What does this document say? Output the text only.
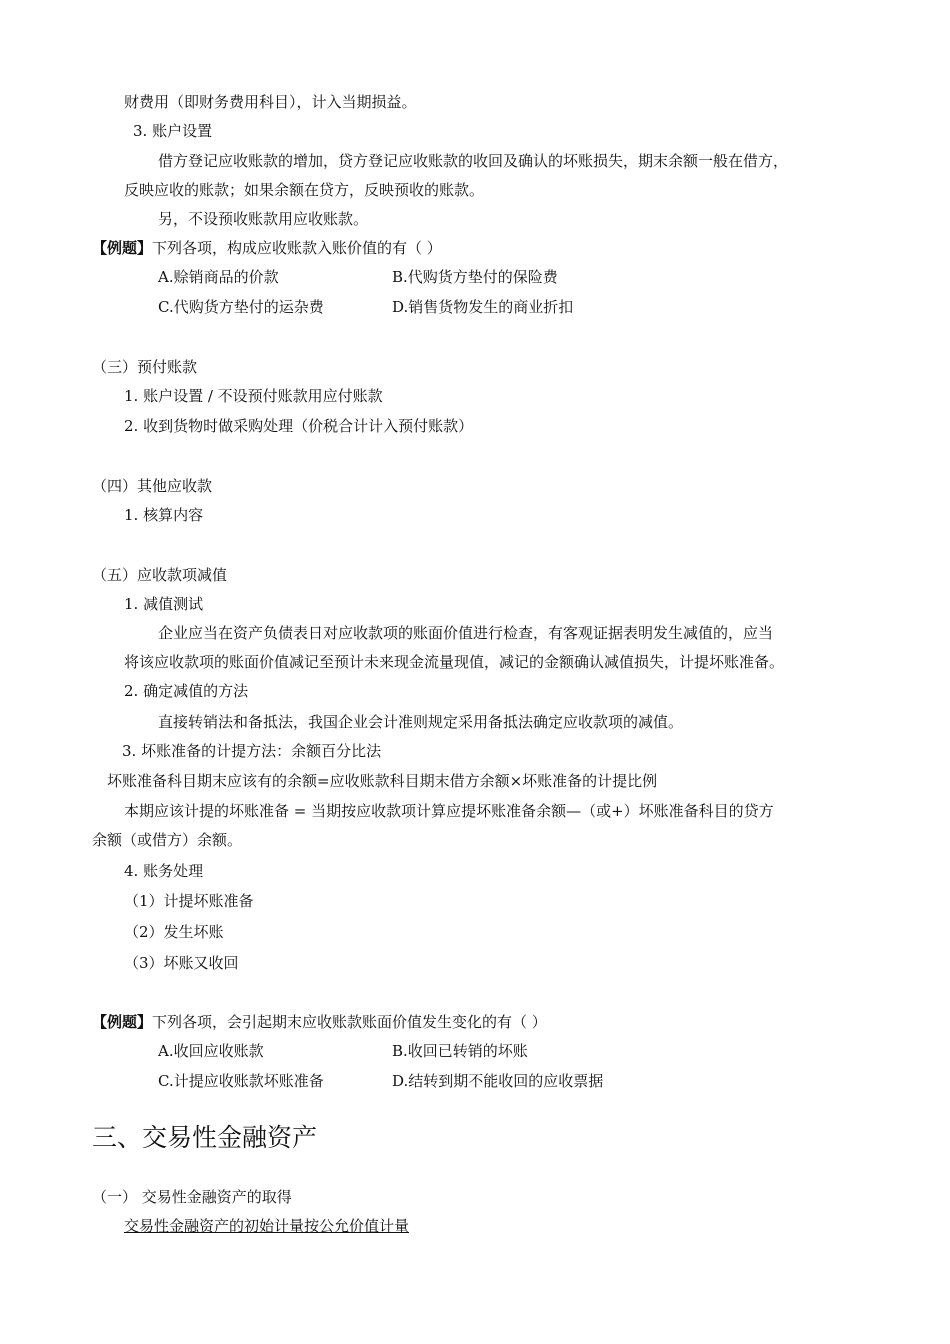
财费用（即财务费用科目），计入当期损益。
3. 账户设置
借方登记应收账款的增加，贷方登记应收账款的收回及确认的坏账损失，期末余额一般在借方，
反映应收的账款；如果余额在贷方，反映预收的账款。
另，不设预收账款用应收账款。
【例题】下列各项，构成应收账款入账价值的有（ ）
A.赊销商品的价款	B.代购货方垫付的保险费
C.代购货方垫付的运杂费	D.销售货物发生的商业折扣
（三）预付账款
1. 账户设置 / 不设预付账款用应付账款
2. 收到货物时做采购处理（价税合计计入预付账款）
（四）其他应收款
1. 核算内容
（五）应收款项减值
1. 减值测试
企业应当在资产负债表日对应收款项的账面价值进行检查，有客观证据表明发生减值的，应当
将该应收款项的账面价值减记至预计未来现金流量现值，减记的金额确认减值损失，计提坏账准备。
2. 确定减值的方法
直接转销法和备抵法，我国企业会计准则规定采用备抵法确定应收款项的减值。
3. 坏账准备的计提方法：余额百分比法
坏账准备科目期末应该有的余额=应收账款科目期末借方余额×坏账准备的计提比例
本期应该计提的坏账准备 = 当期按应收款项计算应提坏账准备余额—（或+）坏账准备科目的贷方
余额（或借方）余额。
4. 账务处理
（1）计提坏账准备
（2）发生坏账
（3）坏账又收回
【例题】下列各项，会引起期末应收账款账面价值发生变化的有（ ）
A.收回应收账款	B.收回已转销的坏账
C.计提应收账款坏账准备	D.结转到期不能收回的应收票据
三、交易性金融资产
（一） 交易性金融资产的取得
交易性金融资产的初始计量按公允价值计量
